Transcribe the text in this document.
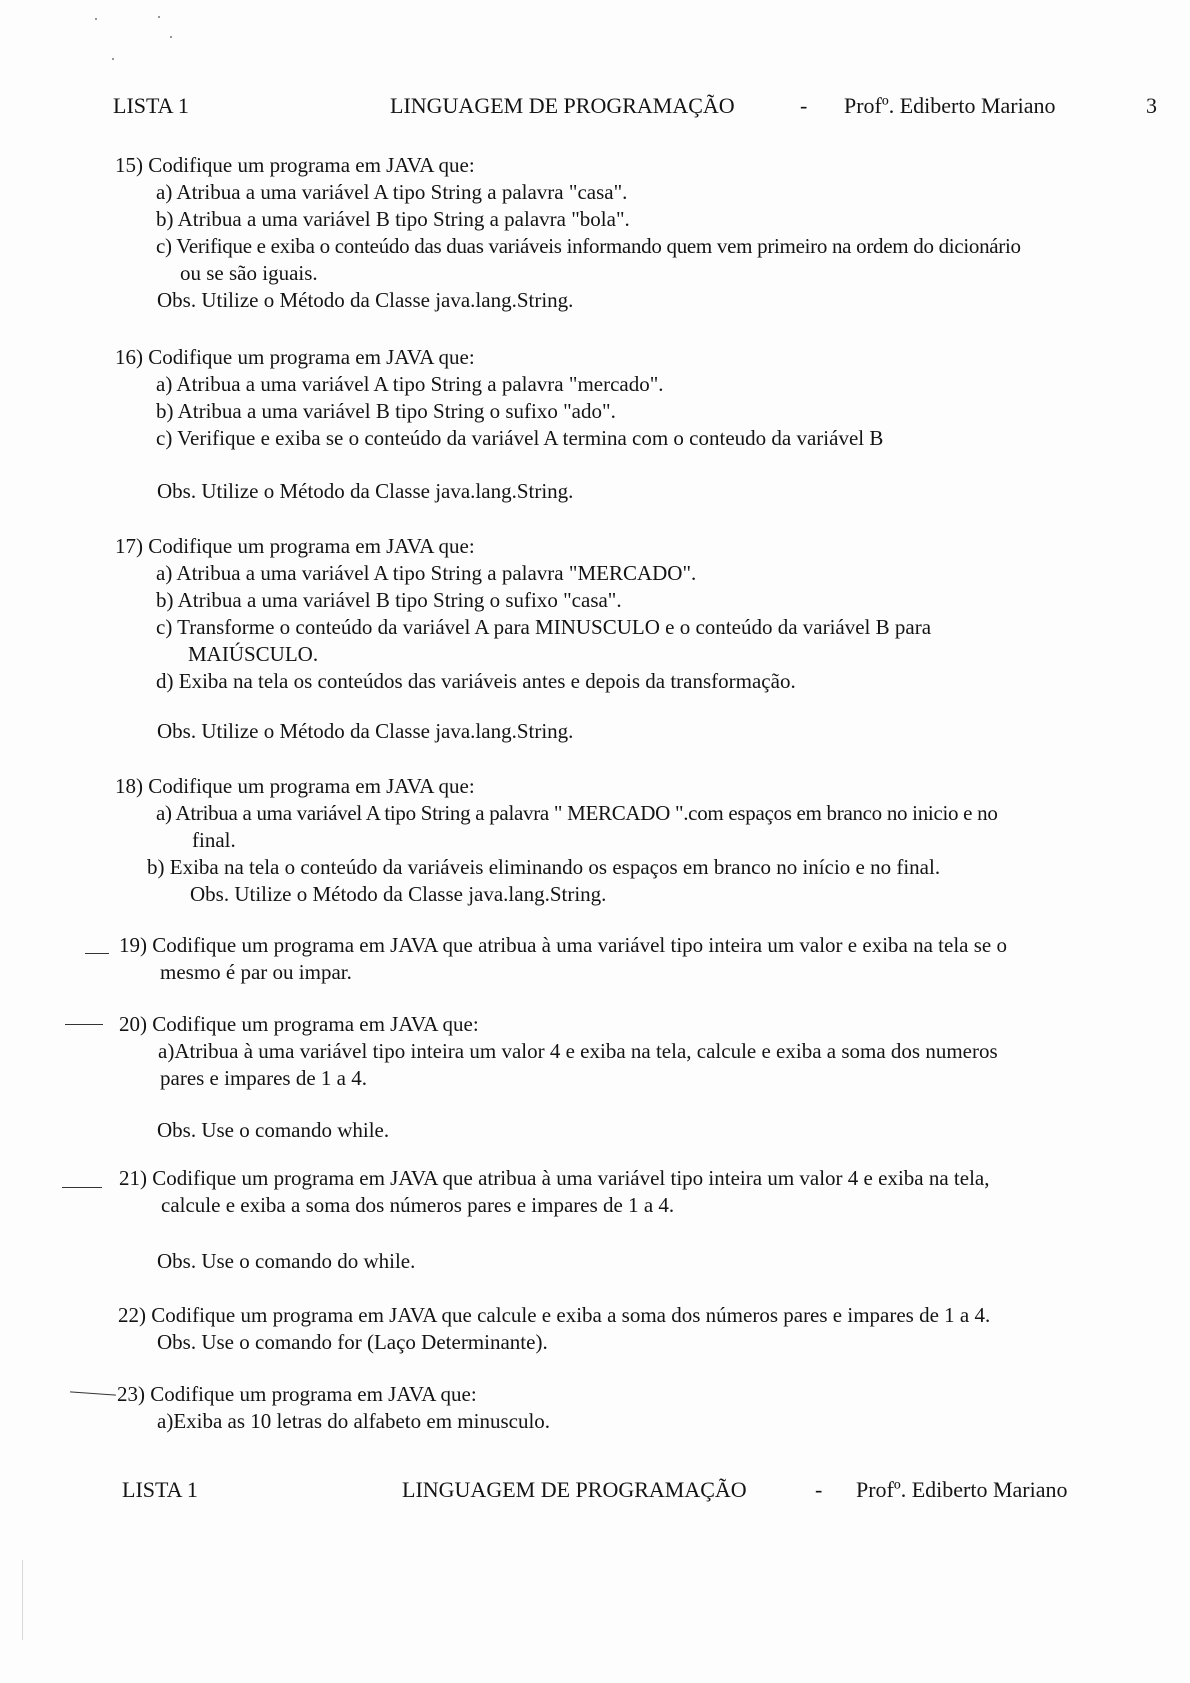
LISTA 1	LINGUAGEM DE PROGRAMAÇÃO	- Profº. Ediberto Mariano	3
15) Codifique um programa em JAVA que:
a) Atribua a uma variável A tipo String a palavra "casa".
b) Atribua a uma variável B tipo String a palavra "bola".
c) Verifique e exiba o conteúdo das duas variáveis informando quem vem primeiro na ordem do dicionário
ou se são iguais.
Obs. Utilize o Método da Classe java.lang.String.
16) Codifique um programa em JAVA que:
a) Atribua a uma variável A tipo String a palavra "mercado".
b) Atribua a uma variável B tipo String o sufixo "ado".
c) Verifique e exiba se o conteúdo da variável A termina com o conteudo da variável B
Obs. Utilize o Método da Classe java.lang.String.
17) Codifique um programa em JAVA que:
a) Atribua a uma variável A tipo String a palavra "MERCADO".
b) Atribua a uma variável B tipo String o sufixo "casa".
c) Transforme o conteúdo da variável A para MINUSCULO e o conteúdo da variável B para
MAIÚSCULO.
d) Exiba na tela os conteúdos das variáveis antes e depois da transformação.
Obs. Utilize o Método da Classe java.lang.String.
18) Codifique um programa em JAVA que:
a) Atribua a uma variável A tipo String a palavra " MERCADO ".com espaços em branco no inicio e no
final.
b) Exiba na tela o conteúdo da variáveis eliminando os espaços em branco no início e no final.
Obs. Utilize o Método da Classe java.lang.String.
19) Codifique um programa em JAVA que atribua à uma variável tipo inteira um valor e exiba na tela se o
mesmo é par ou impar.
20) Codifique um programa em JAVA que:
a)Atribua à uma variável tipo inteira um valor 4 e exiba na tela, calcule e exiba a soma dos numeros
pares e impares de 1 a 4.
Obs. Use o comando while.
21) Codifique um programa em JAVA que atribua à uma variável tipo inteira um valor 4 e exiba na tela,
calcule e exiba a soma dos números pares e impares de 1 a 4.
Obs. Use o comando do while.
22) Codifique um programa em JAVA que calcule e exiba a soma dos números pares e impares de 1 a 4.
Obs. Use o comando for (Laço Determinante).
23) Codifique um programa em JAVA que:
a)Exiba as 10 letras do alfabeto em minusculo.
LISTA 1	LINGUAGEM DE PROGRAMAÇÃO	- Profº. Ediberto Mariano
